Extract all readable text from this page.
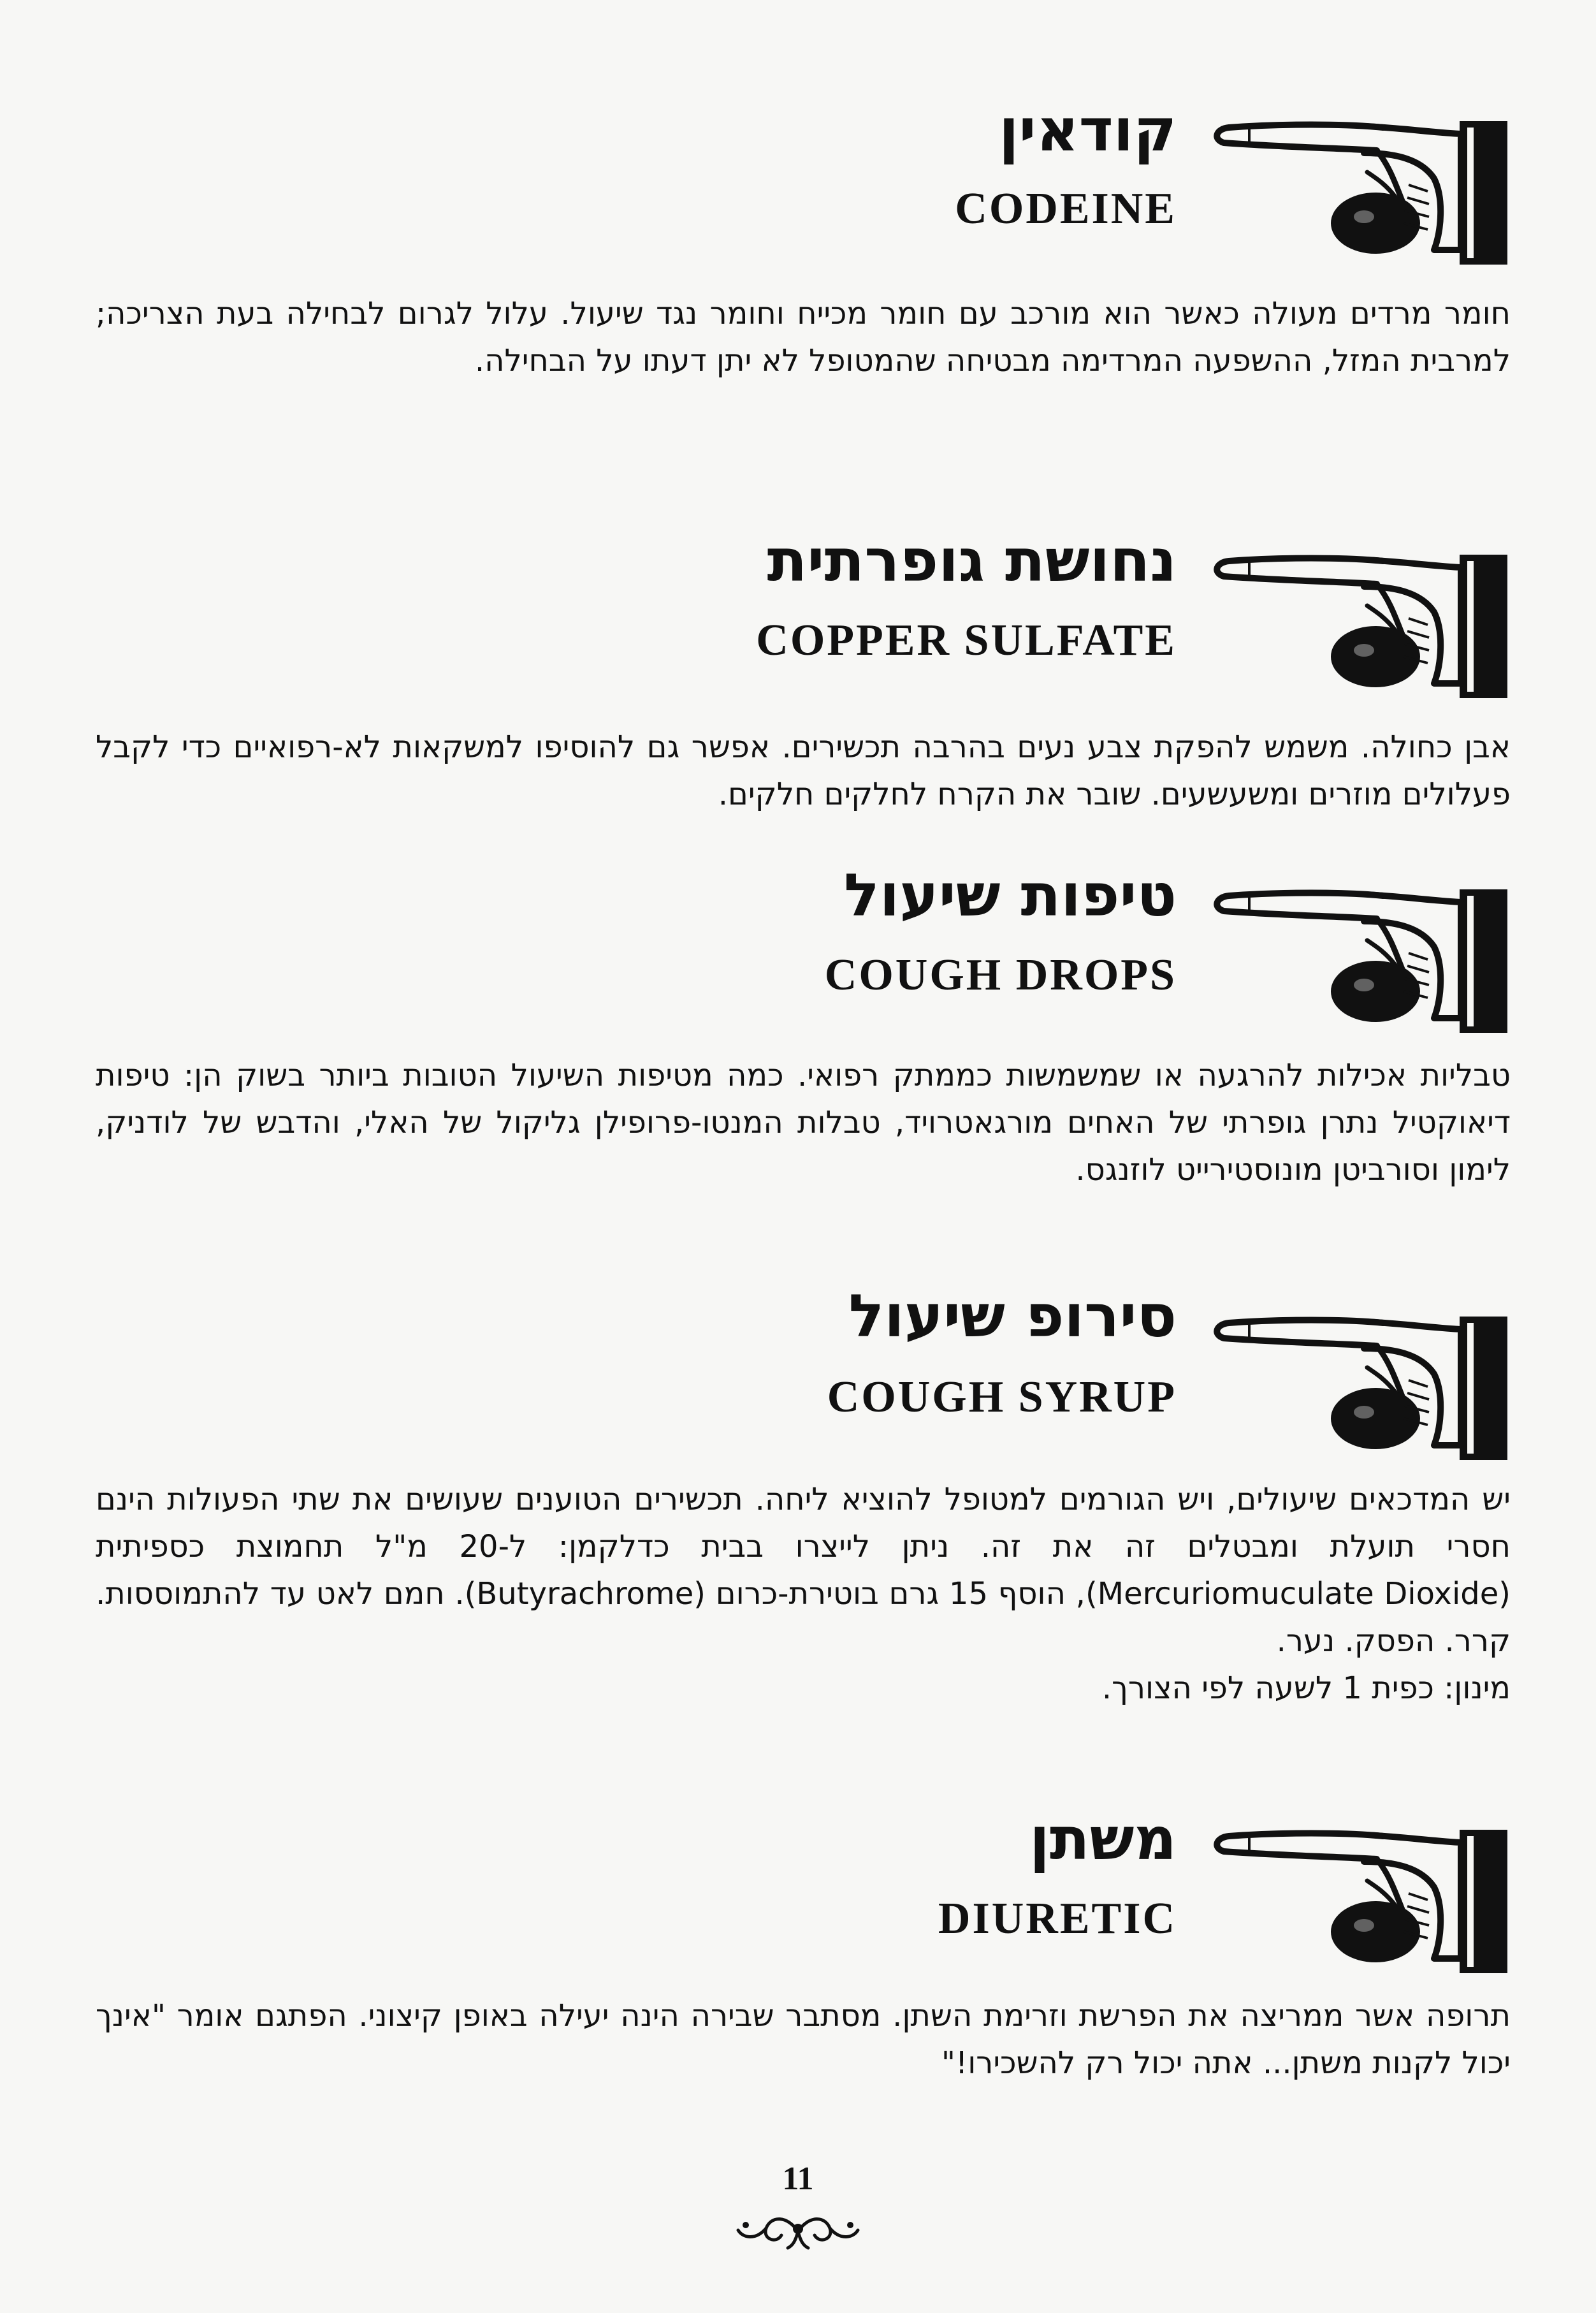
קודאין
CODEINE

חומר מרדים מעולה כאשר הוא מורכב עם חומר מכייח וחומר נגד שיעול. עלול לגרום לבחילה בעת הצריכה; למרבית המזל, ההשפעה המרדימה מבטיחה שהמטופל לא יתן דעתו על הבחילה.

נחושת גופרתית
COPPER SULFATE

אבן כחולה. משמש להפקת צבע נעים בהרבה תכשירים. אפשר גם להוסיפו למשקאות לא-רפואיים כדי לקבל פעלולים מוזרים ומשעשעים. שובר את הקרח לחלקים חלקים.

טיפות שיעול
COUGH DROPS

טבליות אכילות להרגעה או שמשמשות כממתק רפואי. כמה מטיפות השיעול הטובות ביותר בשוק הן: טיפות דיאוקטיל נתרן גופרתי של האחים מורגאטרויד, טבלות המנטו-פרופילן גליקול של האלי, והדבש של לודניק, לימון וסורביטן מונוסטירייט לוזנגס.

סירופ שיעול
COUGH SYRUP

יש המדכאים שיעולים, ויש הגורמים למטופל להוציא ליחה. תכשירים הטוענים שעושים את שתי הפעולות הינם חסרי תועלת ומבטלים זה את זה. ניתן לייצרו בבית כדלקמן: ל-20 מ"ל תחמוצת כספיתית (Mercuriomuculate Dioxide), הוסף 15 גרם בוטירת-כרום (Butyrachrome). חמם לאט עד להתמוססות. קרר. הפסק. נער.

מינון: כפית 1 לשעה לפי הצורך.

משתן
DIURETIC

תרופה אשר ממריצה את הפרשת וזרימת השתן. מסתבר שבירה הינה יעילה באופן קיצוני. הפתגם אומר "אינך יכול לקנות משתן... אתה יכול רק להשכירו!"

11
